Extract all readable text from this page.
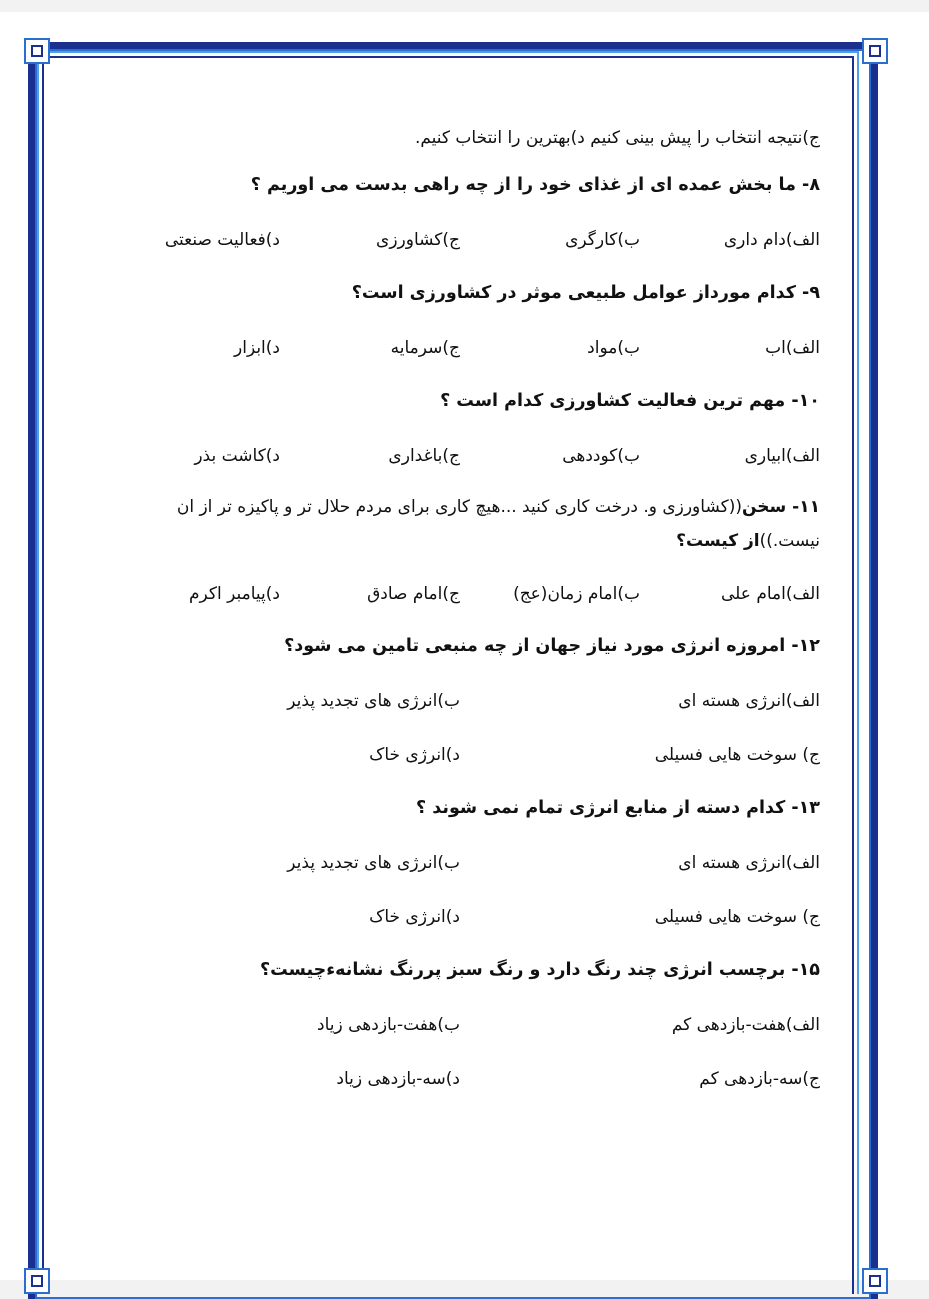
ج)نتیجه انتخاب را پیش بینی کنیم د)بهترین را انتخاب کنیم.
۸- ما بخش عمده ای از غذای خود را از چه راهی بدست می اوریم ؟
الف)دام داری
ب)کارگری
ج)کشاورزی
د)فعالیت صنعتی
۹- کدام مورداز عوامل طبیعی موثر در کشاورزی است؟
الف)اب
ب)مواد
ج)سرمایه
د)ابزار
۱۰- مهم ترین فعالیت کشاورزی کدام است ؟
الف)ابیاری
ب)کوددهی
ج)باغداری
د)کاشت بذر
۱۱- سخن((کشاورزی و. درخت کاری کنید ...هیچ کاری برای مردم حلال تر و پاکیزه تر از ان نیست.))از کیست؟
الف)امام علی
ب)امام زمان(عج)
ج)امام صادق
د)پیامبر اکرم
۱۲- امروزه انرژی مورد نیاز جهان از چه منبعی تامین می شود؟
الف)انرژی هسته ای
ب)انرژی های تجدید پذیر
ج) سوخت هایی فسیلی
د)انرژی خاک
۱۳- کدام دسته از منابع انرژی تمام نمی شوند ؟
الف)انرژی هسته ای
ب)انرژی های تجدید پذیر
ج) سوخت هایی فسیلی
د)انرژی خاک
۱۵- برچسب انرژی چند رنگ دارد و رنگ سبز پررنگ نشانهءچیست؟
الف)هفت-بازدهی کم
ب)هفت-بازدهی زیاد
ج)سه-بازدهی کم
د)سه-بازدهی زیاد
